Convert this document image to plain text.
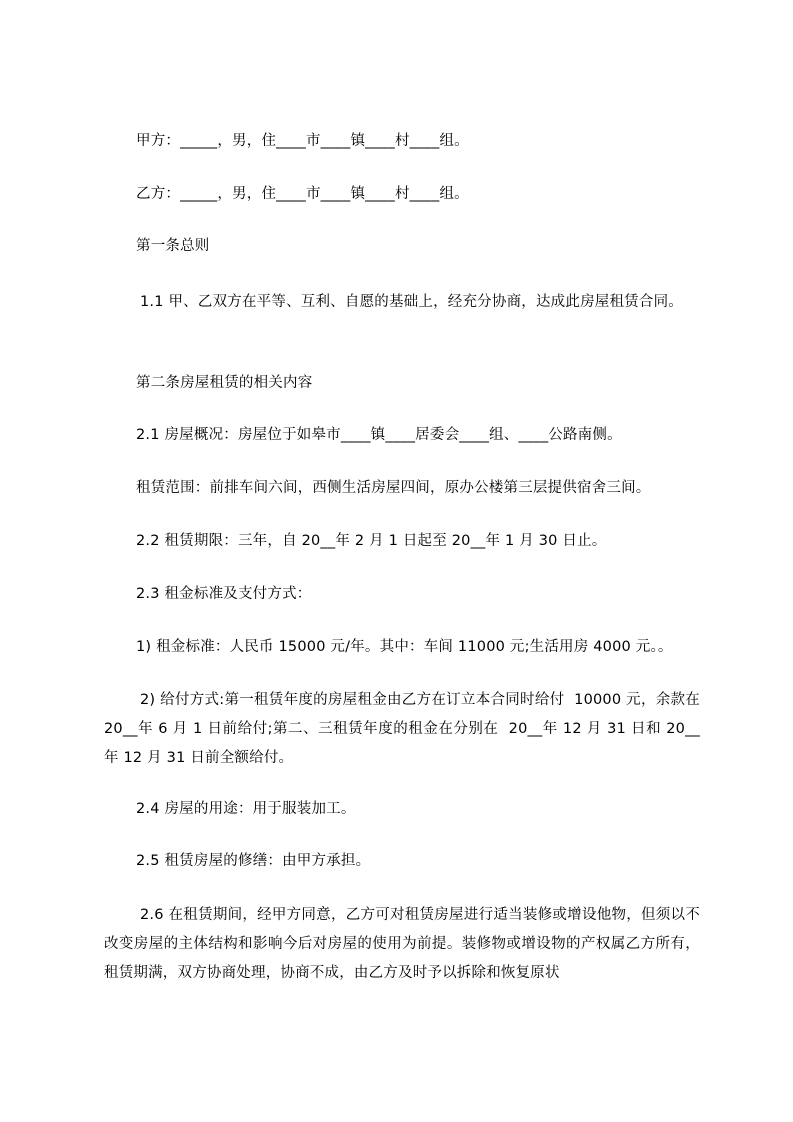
甲方：_____，男，住____市____镇____村____组。
乙方：_____，男，住____市____镇____村____组。
第一条总则
1.1 甲、乙双方在平等、互利、自愿的基础上，经充分协商，达成此房屋租赁合同。
第二条房屋租赁的相关内容
2.1 房屋概况：房屋位于如皋市____镇____居委会____组、____公路南侧。
租赁范围：前排车间六间，西侧生活房屋四间，原办公楼第三层提供宿舍三间。
2.2 租赁期限：三年，自 20__年 2 月 1 日起至 20__年 1 月 30 日止。
2.3 租金标准及支付方式：
1) 租金标准：人民币 15000 元/年。其中：车间 11000 元;生活用房 4000 元。。
2) 给付方式:第一租赁年度的房屋租金由乙方在订立本合同时给付  10000 元，余款在 20__年 6 月 1 日前给付;第二、三租赁年度的租金在分别在  20__年 12 月 31 日和 20__年 12 月 31 日前全额给付。
2.4 房屋的用途：用于服装加工。
2.5 租赁房屋的修缮：由甲方承担。
2.6 在租赁期间，经甲方同意，乙方可对租赁房屋进行适当装修或增设他物，但须以不改变房屋的主体结构和影响今后对房屋的使用为前提。装修物或增设物的产权属乙方所有，租赁期满，双方协商处理，协商不成，由乙方及时予以拆除和恢复原状
